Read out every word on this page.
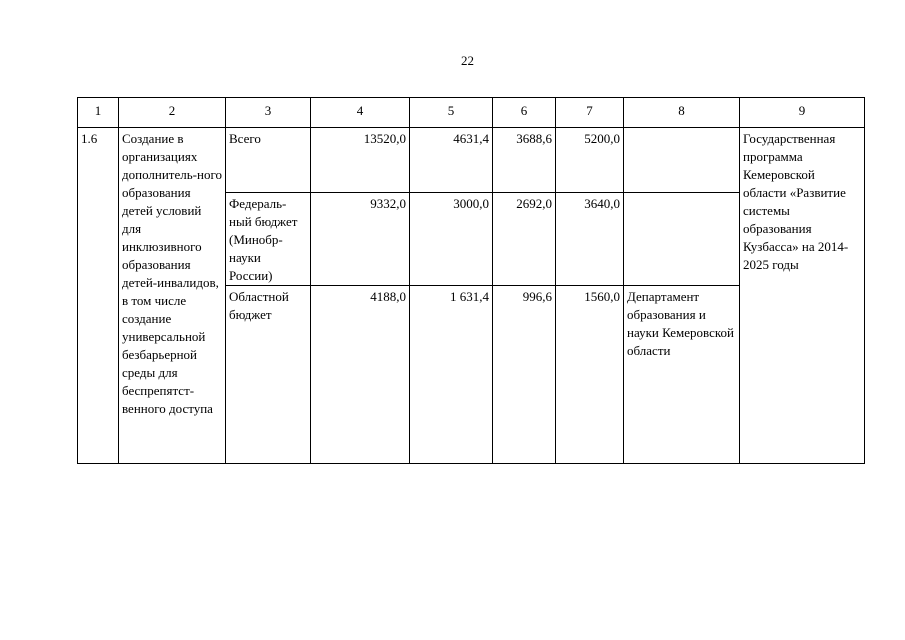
22
1	2	3	4	5	6	7	8	9
1.6	Создание в организациях дополнитель-ного образования детей условий для инклюзивного образования детей-инвалидов, в том числе создание универсальной безбарьерной среды для беспрепятст-венного доступа	Всего	13520,0	4631,4	3688,6	5200,0		Государственная программа Кемеровской области «Развитие системы образования Кузбасса» на 2014-2025 годы
		Федераль-ный бюджет (Минобр-науки России)	9332,0	3000,0	2692,0	3640,0		
		Областной бюджет	4188,0	1 631,4	996,6	1560,0	Департамент образования и науки Кемеровской области	
